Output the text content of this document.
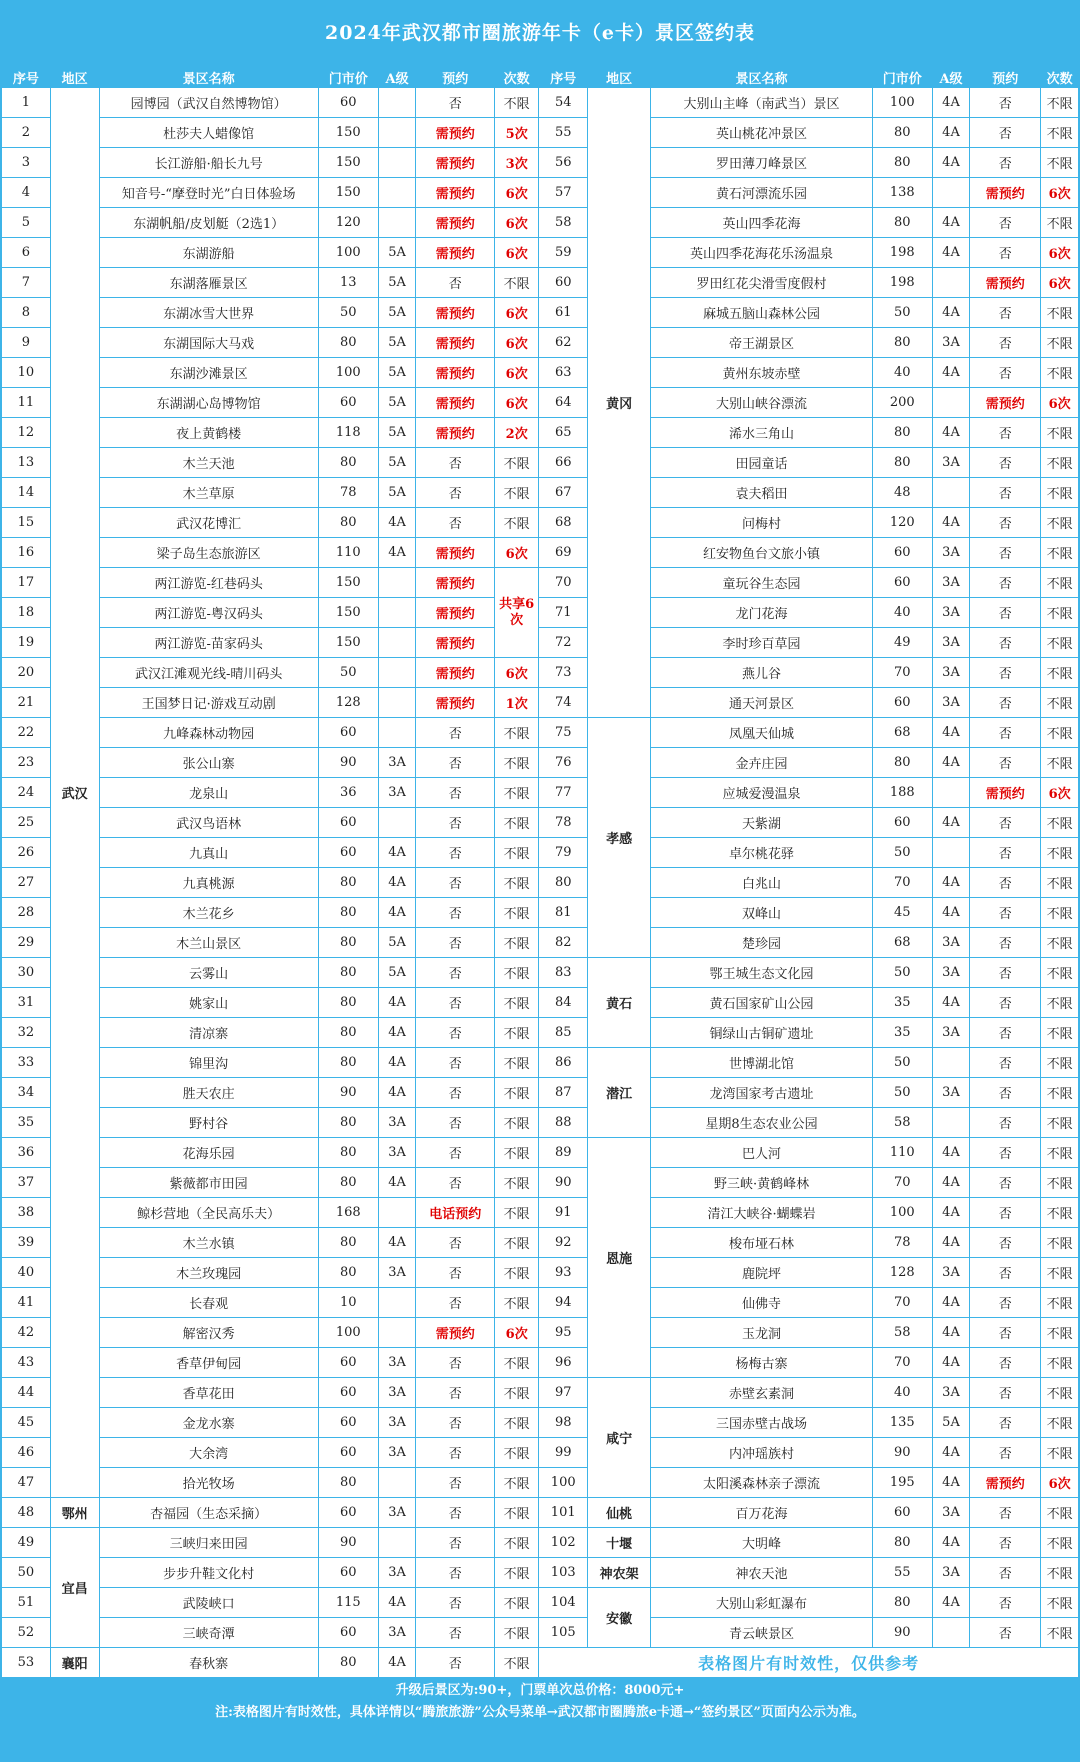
2024年武汉都市圈旅游年卡（e卡）景区签约表
序号	地区	景区名称	门市价	A级	预约	次数	序号	地区	景区名称	门市价	A级	预约	次数
1	武汉	园博园（武汉自然博物馆）	60		否	不限	54	黄冈	大别山主峰（南武当）景区	100	4A	否	不限
2		杜莎夫人蜡像馆	150		需预约	5次	55		英山桃花冲景区	80	4A	否	不限
3		长江游船·船长九号	150		需预约	3次	56		罗田薄刀峰景区	80	4A	否	不限
4		知音号-“摩登时光”白日体验场	150		需预约	6次	57		黄石河漂流乐园	138		需预约	6次
5		东湖帆船/皮划艇（2选1）	120		需预约	6次	58		英山四季花海	80	4A	否	不限
6		东湖游船	100	5A	需预约	6次	59		英山四季花海花乐汤温泉	198	4A	否	6次
7		东湖落雁景区	13	5A	否	不限	60		罗田红花尖滑雪度假村	198		需预约	6次
8		东湖冰雪大世界	50	5A	需预约	6次	61		麻城五脑山森林公园	50	4A	否	不限
9		东湖国际大马戏	80	5A	需预约	6次	62		帝王湖景区	80	3A	否	不限
10		东湖沙滩景区	100	5A	需预约	6次	63		黄州东坡赤壁	40	4A	否	不限
11		东湖湖心岛博物馆	60	5A	需预约	6次	64		大别山峡谷漂流	200		需预约	6次
12		夜上黄鹤楼	118	5A	需预约	2次	65		浠水三角山	80	4A	否	不限
13		木兰天池	80	5A	否	不限	66		田园童话	80	3A	否	不限
14		木兰草原	78	5A	否	不限	67		袁夫稻田	48		否	不限
15		武汉花博汇	80	4A	否	不限	68		问梅村	120	4A	否	不限
16		梁子岛生态旅游区	110	4A	需预约	6次	69		红安物鱼台文旅小镇	60	3A	否	不限
17		两江游览-红巷码头	150		需预约	共享6次	70		童玩谷生态园	60	3A	否	不限
18		两江游览-粤汉码头	150		需预约		71		龙门花海	40	3A	否	不限
19		两江游览-苗家码头	150		需预约		72		李时珍百草园	49	3A	否	不限
20		武汉江滩观光线-晴川码头	50		需预约	6次	73		燕儿谷	70	3A	否	不限
21		王国梦日记·游戏互动剧	128		需预约	1次	74		通天河景区	60	3A	否	不限
22		九峰森林动物园	60		否	不限	75	孝感	凤凰天仙城	68	4A	否	不限
23		张公山寨	90	3A	否	不限	76		金卉庄园	80	4A	否	不限
24		龙泉山	36	3A	否	不限	77		应城爱漫温泉	188		需预约	6次
25		武汉鸟语林	60		否	不限	78		天紫湖	60	4A	否	不限
26		九真山	60	4A	否	不限	79		卓尔桃花驿	50		否	不限
27		九真桃源	80	4A	否	不限	80		白兆山	70	4A	否	不限
28		木兰花乡	80	4A	否	不限	81		双峰山	45	4A	否	不限
29		木兰山景区	80	5A	否	不限	82		楚珍园	68	3A	否	不限
30		云雾山	80	5A	否	不限	83	黄石	鄂王城生态文化园	50	3A	否	不限
31		姚家山	80	4A	否	不限	84		黄石国家矿山公园	35	4A	否	不限
32		清凉寨	80	4A	否	不限	85		铜绿山古铜矿遗址	35	3A	否	不限
33		锦里沟	80	4A	否	不限	86	潜江	世博湖北馆	50		否	不限
34		胜天农庄	90	4A	否	不限	87		龙湾国家考古遗址	50	3A	否	不限
35		野村谷	80	3A	否	不限	88		星期8生态农业公园	58		否	不限
36		花海乐园	80	3A	否	不限	89	恩施	巴人河	110	4A	否	不限
37		紫薇都市田园	80	4A	否	不限	90		野三峡·黄鹤峰林	70	4A	否	不限
38		鲸杉营地（全民高乐夫）	168		电话预约	不限	91		清江大峡谷·蝴蝶岩	100	4A	否	不限
39		木兰水镇	80	4A	否	不限	92		梭布垭石林	78	4A	否	不限
40		木兰玫瑰园	80	3A	否	不限	93		鹿院坪	128	3A	否	不限
41		长春观	10		否	不限	94		仙佛寺	70	4A	否	不限
42		解密汉秀	100		需预约	6次	95		玉龙洞	58	4A	否	不限
43		香草伊甸园	60	3A	否	不限	96		杨梅古寨	70	4A	否	不限
44		香草花田	60	3A	否	不限	97	咸宁	赤壁玄素洞	40	3A	否	不限
45		金龙水寨	60	3A	否	不限	98		三国赤壁古战场	135	5A	否	不限
46		大余湾	60	3A	否	不限	99		内冲瑶族村	90	4A	否	不限
47		拾光牧场	80		否	不限	100		太阳溪森林亲子漂流	195	4A	需预约	6次
48	鄂州	杏福园（生态采摘）	60	3A	否	不限	101	仙桃	百万花海	60	3A	否	不限
49	宜昌	三峡归来田园	90		否	不限	102	十堰	大明峰	80	4A	否	不限
50		步步升鞋文化村	60	3A	否	不限	103	神农架	神农天池	55	3A	否	不限
51		武陵峡口	115	4A	否	不限	104	安徽	大别山彩虹瀑布	80	4A	否	不限
52		三峡奇潭	60	3A	否	不限	105		青云峡景区	90		否	不限
53	襄阳	春秋寨	80	4A	否	不限	表格图片有时效性，仅供参考						
升级后景区为:90+，门票单次总价格：8000元+
注:表格图片有时效性，具体详情以“腾旅旅游”公众号菜单→武汉都市圈腾旅e卡通→“签约景区”页面内公示为准。
